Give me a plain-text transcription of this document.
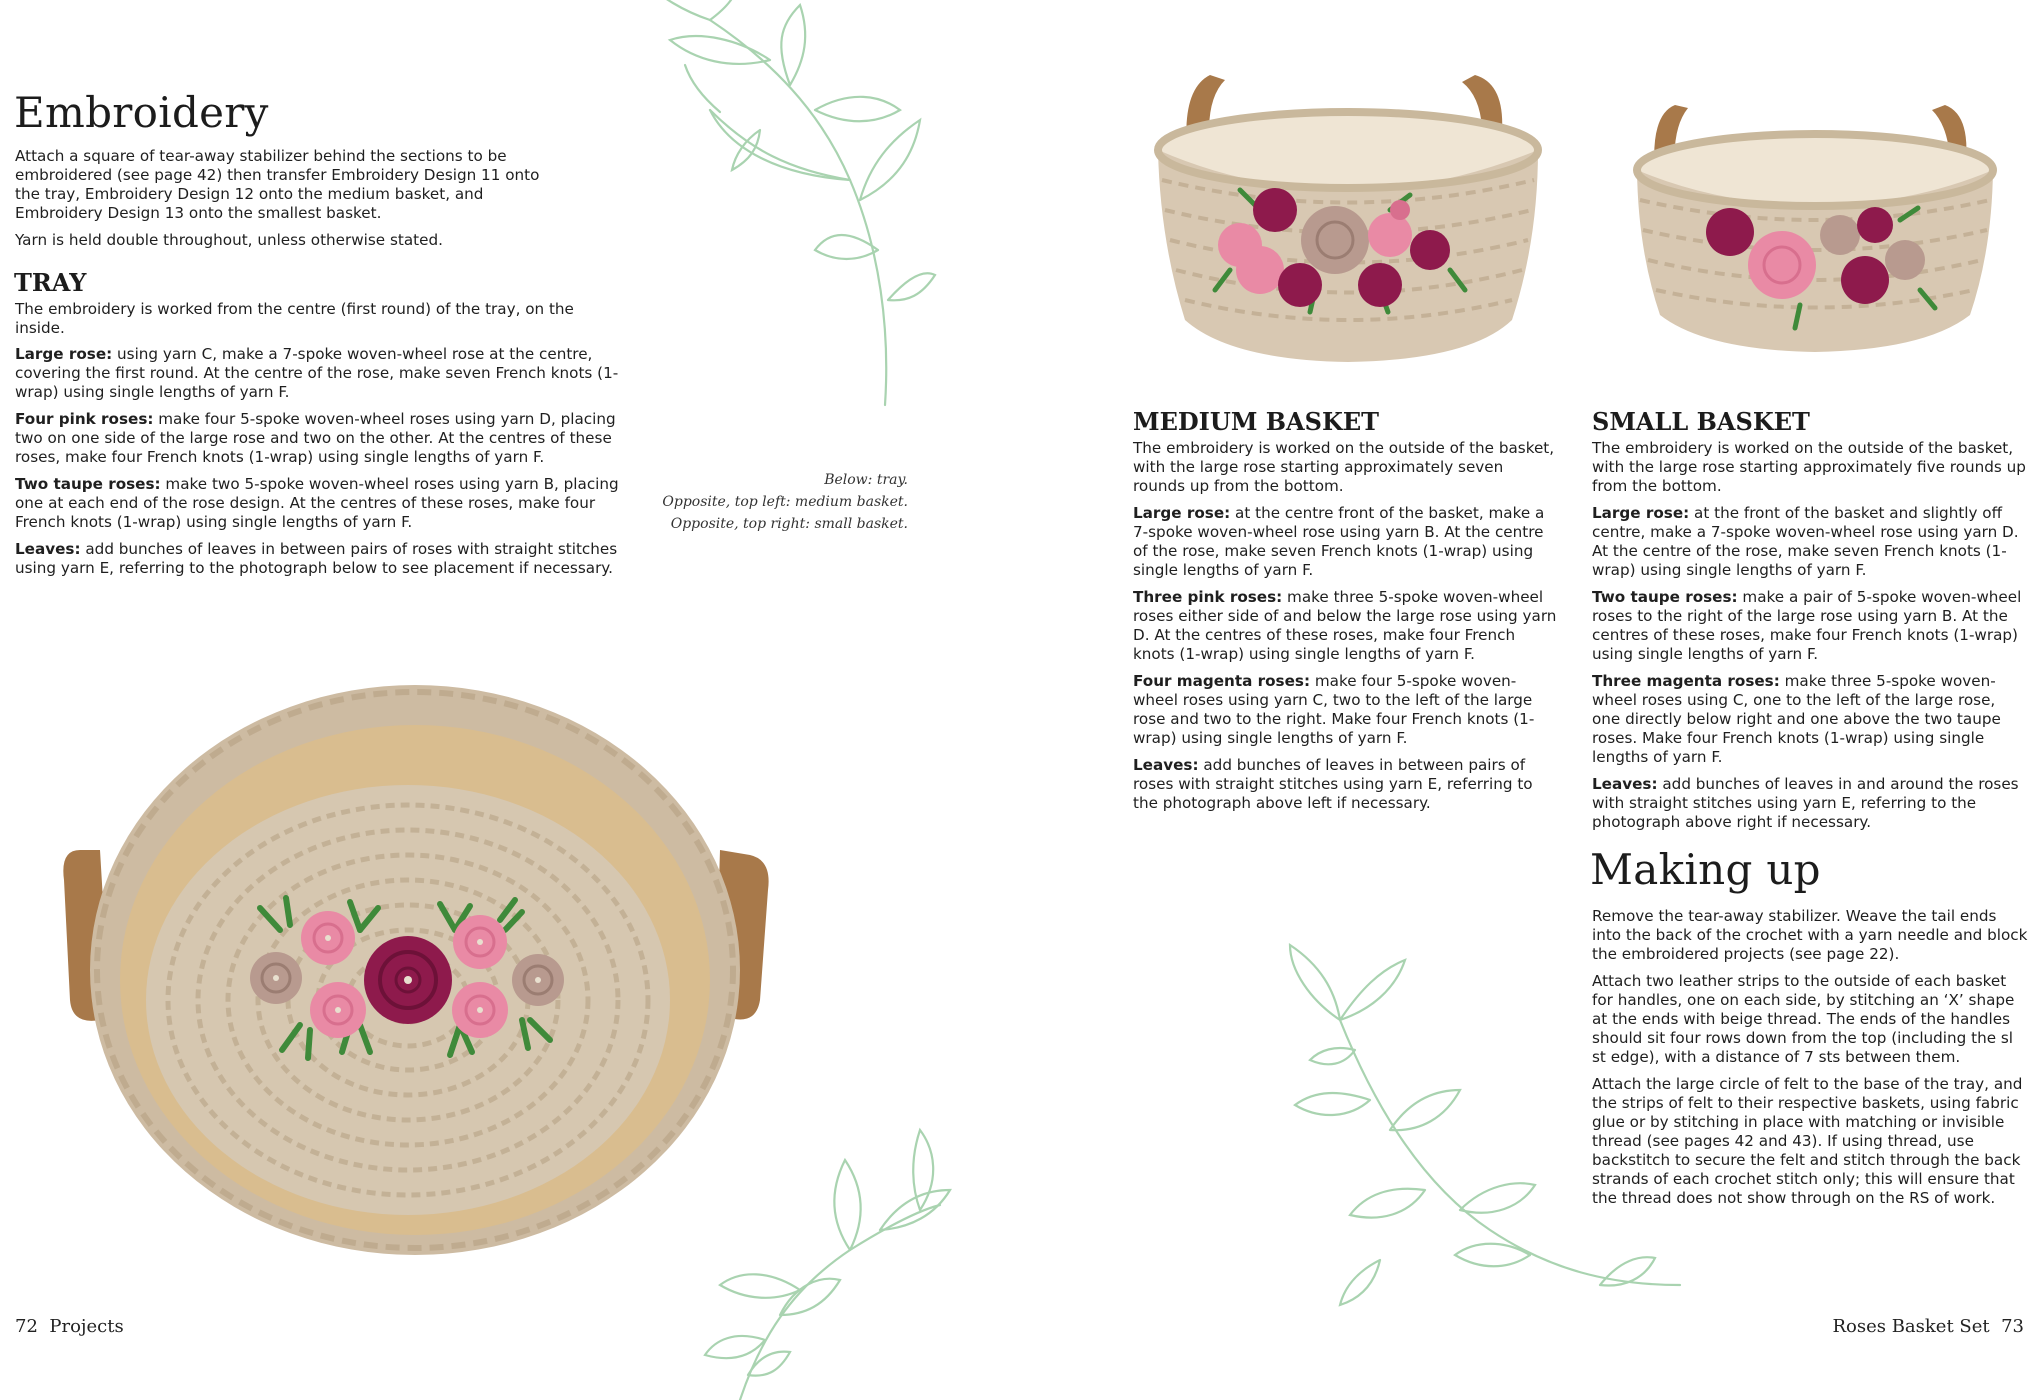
Embroidery

Attach a square of tear-away stabilizer behind the sections to be embroidered (see page 42) then transfer Embroidery Design 11 onto the tray, Embroidery Design 12 onto the medium basket, and Embroidery Design 13 onto the smallest basket.

Yarn is held double throughout, unless otherwise stated.

TRAY

The embroidery is worked from the centre (first round) of the tray, on the inside.

Large rose: using yarn C, make a 7-spoke woven-wheel rose at the centre, covering the first round. At the centre of the rose, make seven French knots (1-wrap) using single lengths of yarn F.

Four pink roses: make four 5-spoke woven-wheel roses using yarn D, placing two on one side of the large rose and two on the other. At the centres of these roses, make four French knots (1-wrap) using single lengths of yarn F.

Two taupe roses: make two 5-spoke woven-wheel roses using yarn B, placing one at each end of the rose design. At the centres of these roses, make four French knots (1-wrap) using single lengths of yarn F.

Leaves: add bunches of leaves in between pairs of roses with straight stitches using yarn E, referring to the photograph below to see placement if necessary.

Below: tray.
Opposite, top left: medium basket.
Opposite, top right: small basket.
72 Projects
MEDIUM BASKET

The embroidery is worked on the outside of the basket, with the large rose starting approximately seven rounds up from the bottom.

Large rose: at the centre front of the basket, make a 7-spoke woven-wheel rose using yarn B. At the centre of the rose, make seven French knots (1-wrap) using single lengths of yarn F.

Three pink roses: make three 5-spoke woven-wheel roses either side of and below the large rose using yarn D. At the centres of these roses, make four French knots (1-wrap) using single lengths of yarn F.

Four magenta roses: make four 5-spoke woven-wheel roses using yarn C, two to the left of the large rose and two to the right. Make four French knots (1-wrap) using single lengths of yarn F.

Leaves: add bunches of leaves in between pairs of roses with straight stitches using yarn E, referring to the photograph above left if necessary.

SMALL BASKET

The embroidery is worked on the outside of the basket, with the large rose starting approximately five rounds up from the bottom.

Large rose: at the front of the basket and slightly off centre, make a 7-spoke woven-wheel rose using yarn D. At the centre of the rose, make seven French knots (1-wrap) using single lengths of yarn F.

Two taupe roses: make a pair of 5-spoke woven-wheel roses to the right of the large rose using yarn B. At the centres of these roses, make four French knots (1-wrap) using single lengths of yarn F.

Three magenta roses: make three 5-spoke woven-wheel roses using C, one to the left of the large rose, one directly below right and one above the two taupe roses. Make four French knots (1-wrap) using single lengths of yarn F.

Leaves: add bunches of leaves in and around the roses with straight stitches using yarn E, referring to the photograph above right if necessary.

Making up

Remove the tear-away stabilizer. Weave the tail ends into the back of the crochet with a yarn needle and block the embroidered projects (see page 22).

Attach two leather strips to the outside of each basket for handles, one on each side, by stitching an ‘X’ shape at the ends with beige thread. The ends of the handles should sit four rows down from the top (including the sl st edge), with a distance of 7 sts between them.

Attach the large circle of felt to the base of the tray, and the strips of felt to their respective baskets, using fabric glue or by stitching in place with matching or invisible thread (see pages 42 and 43). If using thread, use backstitch to secure the felt and stitch through the back strands of each crochet stitch only; this will ensure that the thread does not show through on the RS of work.

Roses Basket Set 73
